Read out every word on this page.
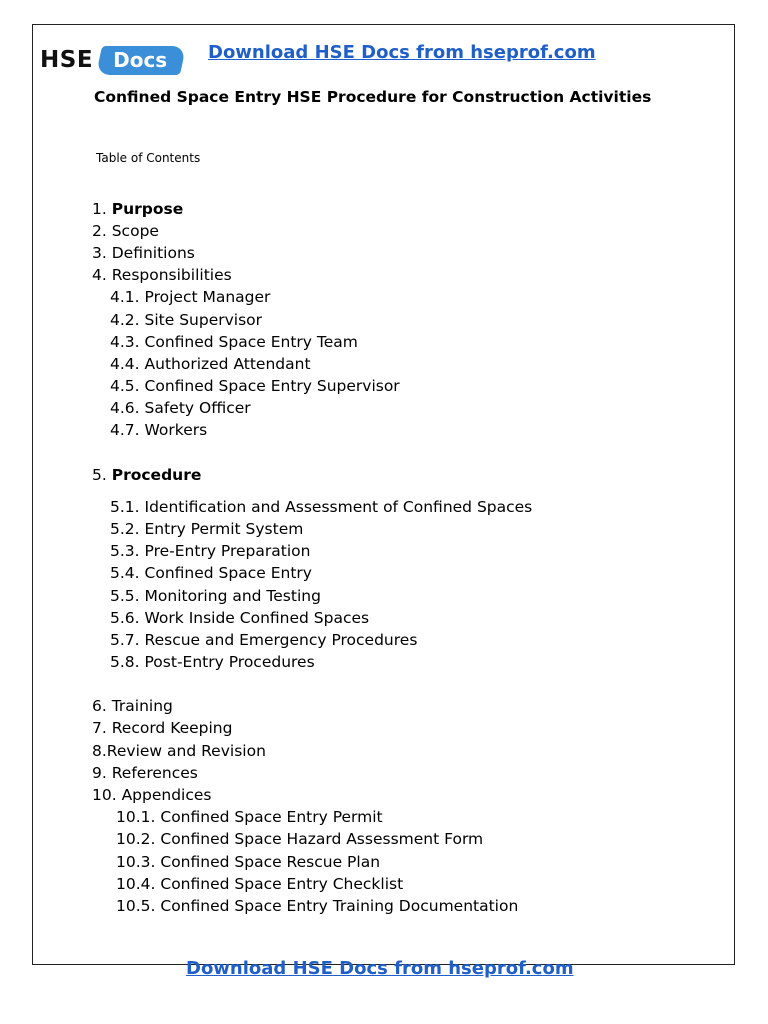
HSE	Docs	Download HSE Docs from hseprof.com
Confined Space Entry HSE Procedure for Construction Activities
Table of Contents
1. Purpose
2. Scope
3. Definitions
4. Responsibilities
4.1. Project Manager
4.2. Site Supervisor
4.3. Confined Space Entry Team
4.4. Authorized Attendant
4.5. Confined Space Entry Supervisor
4.6. Safety Officer
4.7. Workers
5. Procedure
5.1. Identification and Assessment of Confined Spaces
5.2. Entry Permit System
5.3. Pre-Entry Preparation
5.4. Confined Space Entry
5.5. Monitoring and Testing
5.6. Work Inside Confined Spaces
5.7. Rescue and Emergency Procedures
5.8. Post-Entry Procedures
6. Training
7. Record Keeping
8.Review and Revision
9. References
10. Appendices
10.1. Confined Space Entry Permit
10.2. Confined Space Hazard Assessment Form
10.3. Confined Space Rescue Plan
10.4. Confined Space Entry Checklist
10.5. Confined Space Entry Training Documentation
Download HSE Docs from hseprof.com
